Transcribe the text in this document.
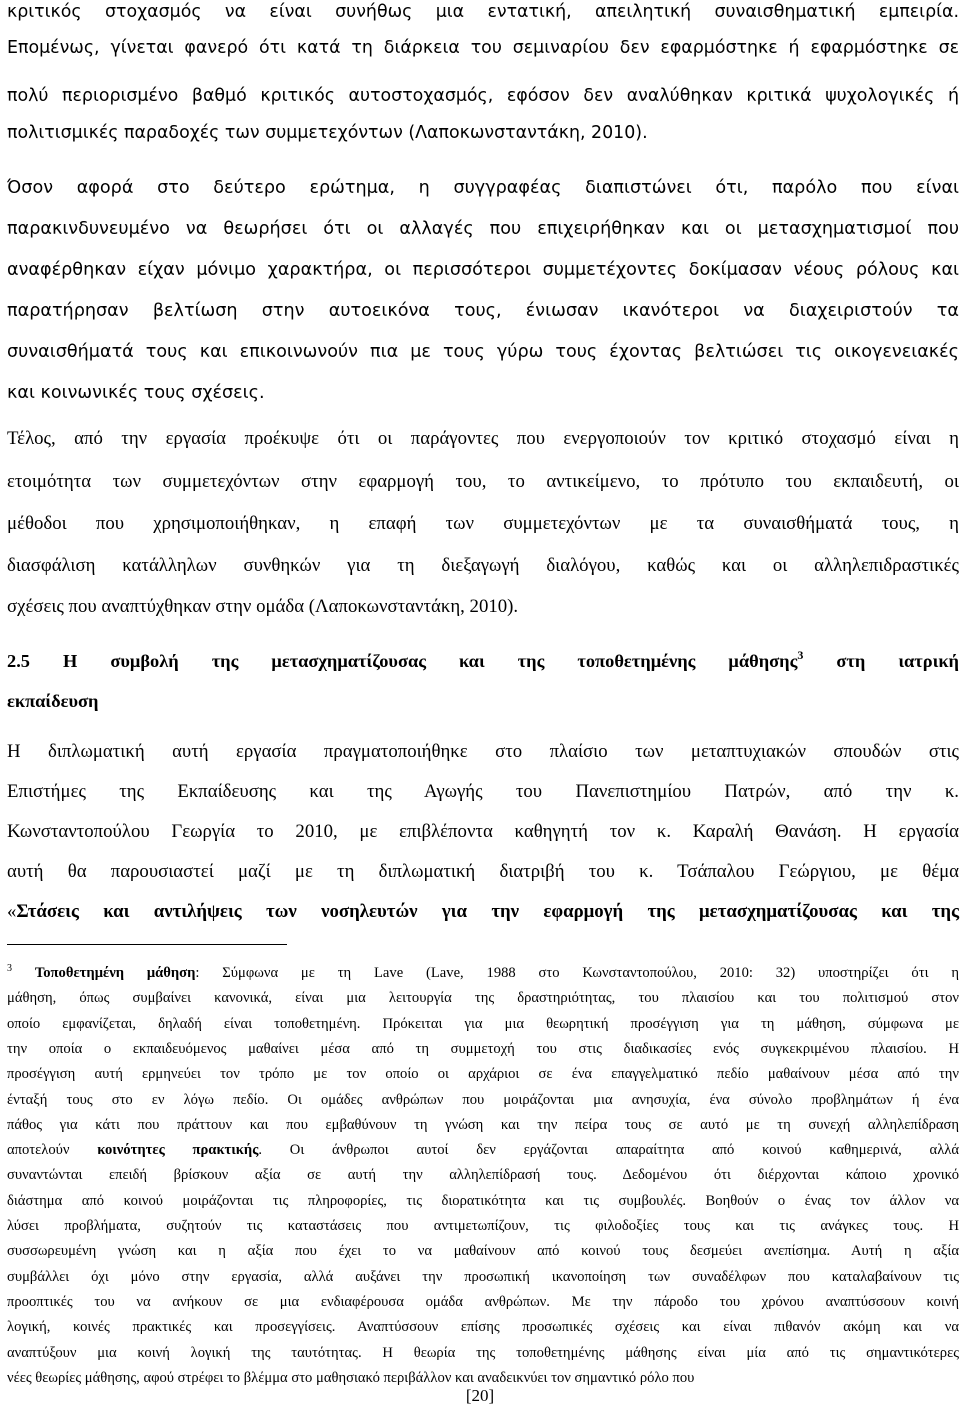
κριτικός στοχασμός να είναι συνήθως μια εντατική, απειλητική συναισθηματική εμπειρία.
Επομένως, γίνεται φανερό ότι κατά τη διάρκεια του σεμιναρίου δεν εφαρμόστηκε ή εφαρμόστηκε σε
πολύ περιορισμένο βαθμό κριτικός αυτοστοχασμός, εφόσον δεν αναλύθηκαν κριτικά ψυχολογικές ή
πολιτισμικές παραδοχές των συμμετεχόντων (Λαποκωνσταντάκη, 2010).
Όσον αφορά στο δεύτερο ερώτημα, η συγγραφέας διαπιστώνει ότι, παρόλο που είναι
παρακινδυνευμένο να θεωρήσει ότι οι αλλαγές που επιχειρήθηκαν και οι μετασχηματισμοί που
αναφέρθηκαν είχαν μόνιμο χαρακτήρα, οι περισσότεροι συμμετέχοντες δοκίμασαν νέους ρόλους και
παρατήρησαν βελτίωση στην αυτοεικόνα τους, ένιωσαν ικανότεροι να διαχειριστούν τα
συναισθήματά τους και επικοινωνούν πια με τους γύρω τους έχοντας βελτιώσει τις οικογενειακές
και κοινωνικές τους σχέσεις.
Τέλος, από την εργασία προέκυψε ότι οι παράγοντες που ενεργοποιούν τον κριτικό στοχασμό είναι η
ετοιμότητα των συμμετεχόντων στην εφαρμογή του, το αντικείμενο, το πρότυπο του εκπαιδευτή, οι
μέθοδοι που χρησιμοποιήθηκαν, η επαφή των συμμετεχόντων με τα συναισθήματά τους, η
διασφάλιση κατάλληλων συνθηκών για τη διεξαγωγή διαλόγου, καθώς και οι αλληλεπιδραστικές
σχέσεις που αναπτύχθηκαν στην ομάδα (Λαποκωνσταντάκη, 2010).
2.5 Η συμβολή της μετασχηματίζουσας και της τοποθετημένης μάθησης$^3$ στη ιατρική
εκπαίδευση
Η διπλωματική αυτή εργασία πραγματοποιήθηκε στο πλαίσιο των μεταπτυχιακών σπουδών στις
Επιστήμες της Εκπαίδευσης και της Αγωγής του Πανεπιστημίου Πατρών, από την κ.
Κωνσταντοπούλου Γεωργία το 2010, με επιβλέποντα καθηγητή τον κ. Καραλή Θανάση. Η εργασία
αυτή θα παρουσιαστεί μαζί με τη διπλωματική διατριβή του κ. Τσάπαλου Γεώργιου, με θέμα
«Στάσεις και αντιλήψεις των νοσηλευτών για την εφαρμογή της μετασχηματίζουσας και της
$^3$ Τοποθετημένη μάθηση: Σύμφωνα με τη Lave (Lave, 1988 στο Κωνσταντοπούλου, 2010: 32) υποστηρίζει ότι η
μάθηση, όπως συμβαίνει κανονικά, είναι μια λειτουργία της δραστηριότητας, του πλαισίου και του πολιτισμού στον
οποίο εμφανίζεται, δηλαδή είναι τοποθετημένη. Πρόκειται για μια θεωρητική προσέγγιση για τη μάθηση, σύμφωνα με
την οποία ο εκπαιδευόμενος μαθαίνει μέσα από τη συμμετοχή του στις διαδικασίες ενός συγκεκριμένου πλαισίου. Η
προσέγγιση αυτή ερμηνεύει τον τρόπο με τον οποίο οι αρχάριοι σε ένα επαγγελματικό πεδίο μαθαίνουν μέσα από την
ένταξή τους στο εν λόγω πεδίο. Οι ομάδες ανθρώπων που μοιράζονται μια ανησυχία, ένα σύνολο προβλημάτων ή ένα
πάθος για κάτι που πράττουν και που εμβαθύνουν τη γνώση και την πείρα τους σε αυτό με τη συνεχή αλληλεπίδραση
αποτελούν κοινότητες πρακτικής. Οι άνθρωποι αυτοί δεν εργάζονται απαραίτητα από κοινού καθημερινά, αλλά
συναντώνται επειδή βρίσκουν αξία σε αυτή την αλληλεπίδρασή τους. Δεδομένου ότι διέρχονται κάποιο χρονικό
διάστημα από κοινού μοιράζονται τις πληροφορίες, τις διορατικότητα και τις συμβουλές. Βοηθούν ο ένας τον άλλον να
λύσει προβλήματα, συζητούν τις καταστάσεις που αντιμετωπίζουν, τις φιλοδοξίες τους και τις ανάγκες τους. Η
συσσωρευμένη γνώση και η αξία που έχει το να μαθαίνουν από κοινού τους δεσμεύει ανεπίσημα. Αυτή η αξία
συμβάλλει όχι μόνο στην εργασία, αλλά αυξάνει την προσωπική ικανοποίηση των συναδέλφων που καταλαβαίνουν τις
προοπτικές του να ανήκουν σε μια ενδιαφέρουσα ομάδα ανθρώπων. Με την πάροδο του χρόνου αναπτύσσουν κοινή
λογική, κοινές πρακτικές και προσεγγίσεις. Αναπτύσσουν επίσης προσωπικές σχέσεις και είναι πιθανόν ακόμη και να
αναπτύξουν μια κοινή λογική της ταυτότητας. Η θεωρία της τοποθετημένης μάθησης είναι μία από τις σημαντικότερες
νέες θεωρίες μάθησης, αφού στρέφει το βλέμμα στο μαθησιακό περιβάλλον και αναδεικνύει τον σημαντικό ρόλο που
[20]
